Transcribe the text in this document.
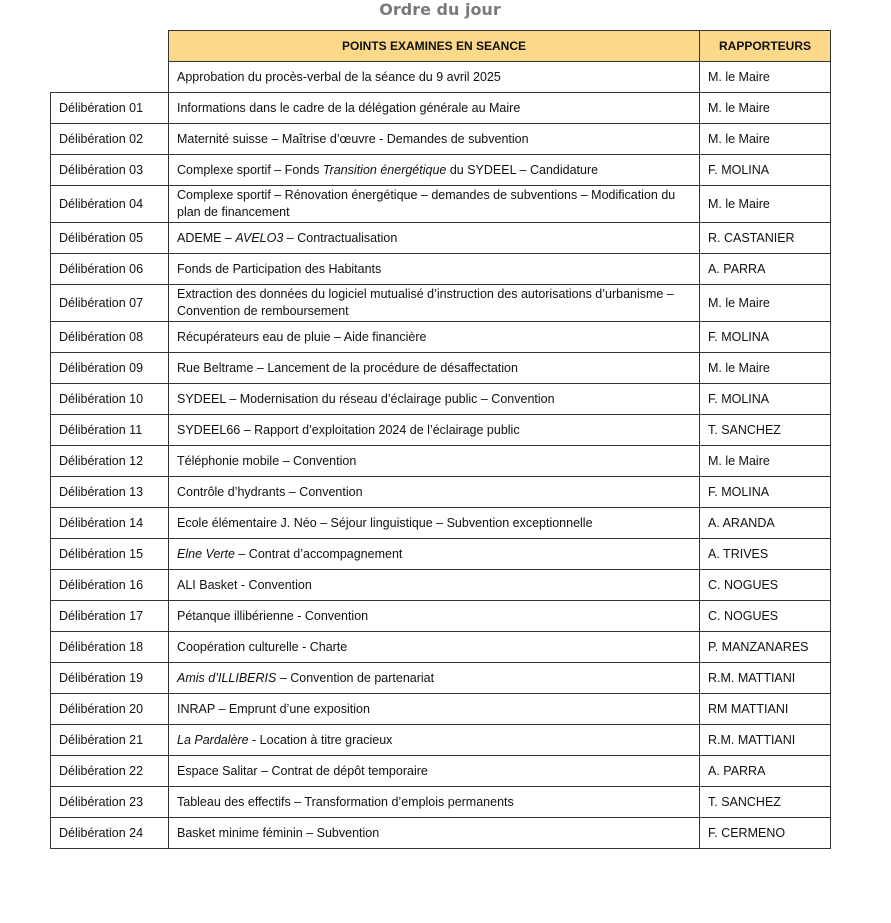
Ordre du jour
	POINTS EXAMINES EN SEANCE	RAPPORTEURS
	Approbation du procès-verbal de la séance du 9 avril 2025	M. le Maire
Délibération 01	Informations dans le cadre de la délégation générale au Maire	M. le Maire
Délibération 02	Maternité suisse – Maîtrise d’œuvre - Demandes de subvention	M. le Maire
Délibération 03	Complexe sportif – Fonds Transition énergétique du SYDEEL – Candidature	F. MOLINA
Délibération 04	Complexe sportif – Rénovation énergétique – demandes de subventions – Modification du plan de financement	M. le Maire
Délibération 05	ADEME – AVELO3 – Contractualisation	R. CASTANIER
Délibération 06	Fonds de Participation des Habitants	A. PARRA
Délibération 07	Extraction des données du logiciel mutualisé d’instruction des autorisations d’urbanisme – Convention de remboursement	M. le Maire
Délibération 08	Récupérateurs eau de pluie – Aide financière	F. MOLINA
Délibération 09	Rue Beltrame – Lancement de la procédure de désaffectation	M. le Maire
Délibération 10	SYDEEL – Modernisation du réseau d’éclairage public – Convention	F. MOLINA
Délibération 11	SYDEEL66 – Rapport d’exploitation 2024 de l’éclairage public	T. SANCHEZ
Délibération 12	Téléphonie mobile – Convention	M. le Maire
Délibération 13	Contrôle d’hydrants – Convention	F. MOLINA
Délibération 14	Ecole élémentaire J. Néo – Séjour linguistique – Subvention exceptionnelle	A. ARANDA
Délibération 15	Elne Verte – Contrat d’accompagnement	A. TRIVES
Délibération 16	ALI Basket - Convention	C. NOGUES
Délibération 17	Pétanque illibérienne - Convention	C. NOGUES
Délibération 18	Coopération culturelle - Charte	P. MANZANARES
Délibération 19	Amis d’ILLIBERIS – Convention de partenariat	R.M. MATTIANI
Délibération 20	INRAP – Emprunt d’une exposition	RM MATTIANI
Délibération 21	La Pardalère - Location à titre gracieux	R.M. MATTIANI
Délibération 22	Espace Salitar – Contrat de dépôt temporaire	A. PARRA
Délibération 23	Tableau des effectifs – Transformation d’emplois permanents	T. SANCHEZ
Délibération 24	Basket minime féminin – Subvention	F. CERMENO
